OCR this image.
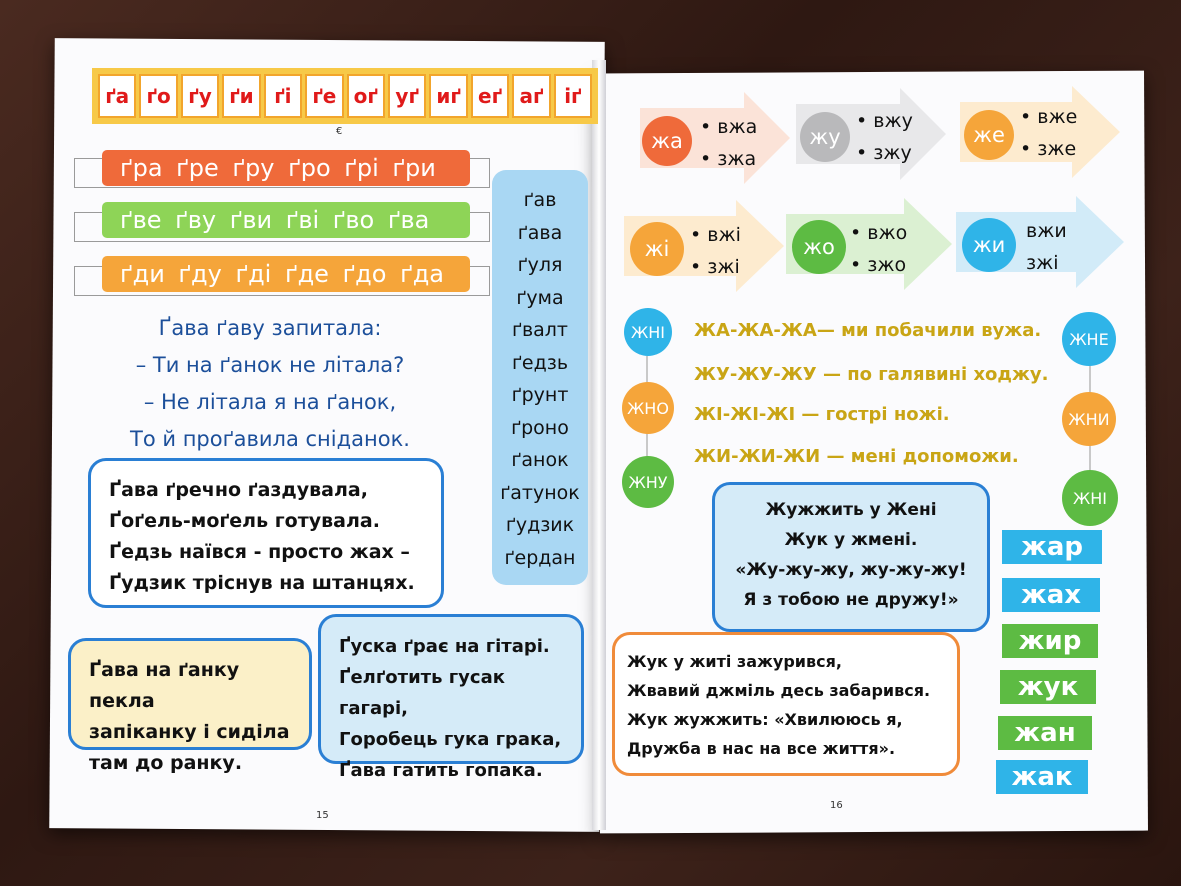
ґа ґо ґу ґи	ґі	ґе оґ уґ иґ еґ аґ	іґ
€
ґра ґре ґру ґро ґрі ґри
ґве ґву ґви ґві ґво ґва
ґди ґду ґді ґде ґдо ґда
ґав
ґава
ґуля
ґума
ґвалт
ґедзь
ґрунт
ґроно
ґанок
ґатунок
ґудзик
ґердан
Ґава ґаву запитала:
– Ти на ґанок не літала?
– Не літала я на ґанок,
То й проґавила сніданок.
Ґава ґречно ґаздувала,
Ґоґель-моґель готувала.
Ґедзь наївся - просто жах –
Ґудзик тріснув на штанцях.
Ґава на ґанку пекла
запіканку і сиділа
там до ранку.
Ґуска ґрає на гітарі.
Ґелґотить гусак гагарі,
Горобець гука грака,
Ґава гатить гопака.
15
жа
• вжа
• зжа
жу
• вжу
• зжу
же
• вже
• зже
жі
• вжі
• зжі
жо
• вжо
• зжо
жи
вжи
зжі
ЖНІ
ЖНО
ЖНУ
ЖНЕ
ЖНИ
ЖНІ
ЖА-ЖА-ЖА— ми побачили вужа.
ЖУ-ЖУ-ЖУ — по галявині ходжу.
ЖІ-ЖІ-ЖІ — гострі ножі.
ЖИ-ЖИ-ЖИ — мені допоможи.
Жужжить у Жені
Жук у жмені.
«Жу-жу-жу, жу-жу-жу!
Я з тобою не дружу!»
Жук у житі зажурився,
Жвавий джміль десь забарився.
Жук жужжить: «Хвилююсь я,
Дружба в нас на все життя».
жар
жах
жир
жук
жан
жак
16
